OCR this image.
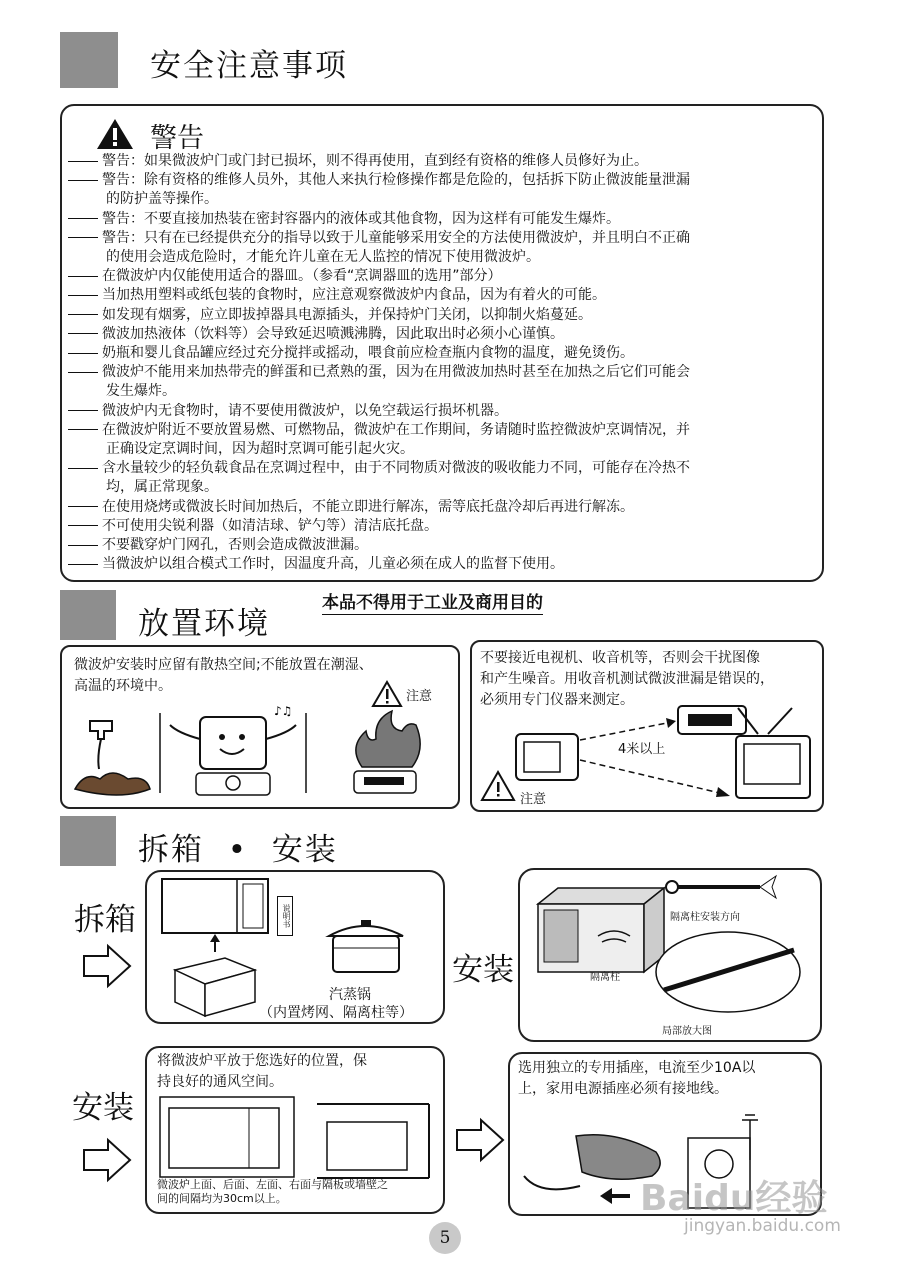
安全注意事项
警告
警告：如果微波炉门或门封已损坏，则不得再使用，直到经有资格的维修人员修好为止。
警告：除有资格的维修人员外，其他人来执行检修操作都是危险的，包括拆下防止微波能量泄漏
的防护盖等操作。
警告：不要直接加热装在密封容器内的液体或其他食物，因为这样有可能发生爆炸。
警告：只有在已经提供充分的指导以致于儿童能够采用安全的方法使用微波炉，并且明白不正确
的使用会造成危险时，才能允许儿童在无人监控的情况下使用微波炉。
在微波炉内仅能使用适合的器皿。（参看“烹调器皿的选用”部分）
当加热用塑料或纸包装的食物时，应注意观察微波炉内食品，因为有着火的可能。
如发现有烟雾，应立即拔掉器具电源插头，并保持炉门关闭，以抑制火焰蔓延。
微波加热液体（饮料等）会导致延迟喷溅沸腾，因此取出时必须小心谨慎。
奶瓶和婴儿食品罐应经过充分搅拌或摇动，喂食前应检查瓶内食物的温度，避免烫伤。
微波炉不能用来加热带壳的鲜蛋和已煮熟的蛋，因为在用微波加热时甚至在加热之后它们可能会
发生爆炸。
微波炉内无食物时，请不要使用微波炉，以免空载运行损坏机器。
在微波炉附近不要放置易燃、可燃物品，微波炉在工作期间，务请随时监控微波炉烹调情况，并
正确设定烹调时间，因为超时烹调可能引起火灾。
含水量较少的轻负载食品在烹调过程中，由于不同物质对微波的吸收能力不同，可能存在冷热不
均，属正常现象。
在使用烧烤或微波长时间加热后，不能立即进行解冻，需等底托盘冷却后再进行解冻。
不可使用尖锐利器（如清洁球、铲勺等）清洁底托盘。
不要戳穿炉门网孔，否则会造成微波泄漏。
当微波炉以组合模式工作时，因温度升高，儿童必须在成人的监督下使用。
放置环境
本品不得用于工业及商用目的
微波炉安装时应留有散热空间;不能放置在潮湿、
高温的环境中。
注意
♪♫
不要接近电视机、收音机等，否则会干扰图像
和产生噪音。用收音机测试微波泄漏是错误的，
必须用专门仪器来测定。
4米以上
注意
拆箱  •  安装
拆箱	说明书
汽蒸锅
（内置烤网、隔离柱等）
安装	隔离柱
隔离柱安装方向
局部放大图
安装
将微波炉平放于您选好的位置，保
持良好的通风空间。
微波炉上面、后面、左面、右面与隔板或墙壁之
间的间隔均为30cm以上。
选用独立的专用插座，电流至少10A以
上，家用电源插座必须有接地线。
5
Baidu经验
jingyan.baidu.com
